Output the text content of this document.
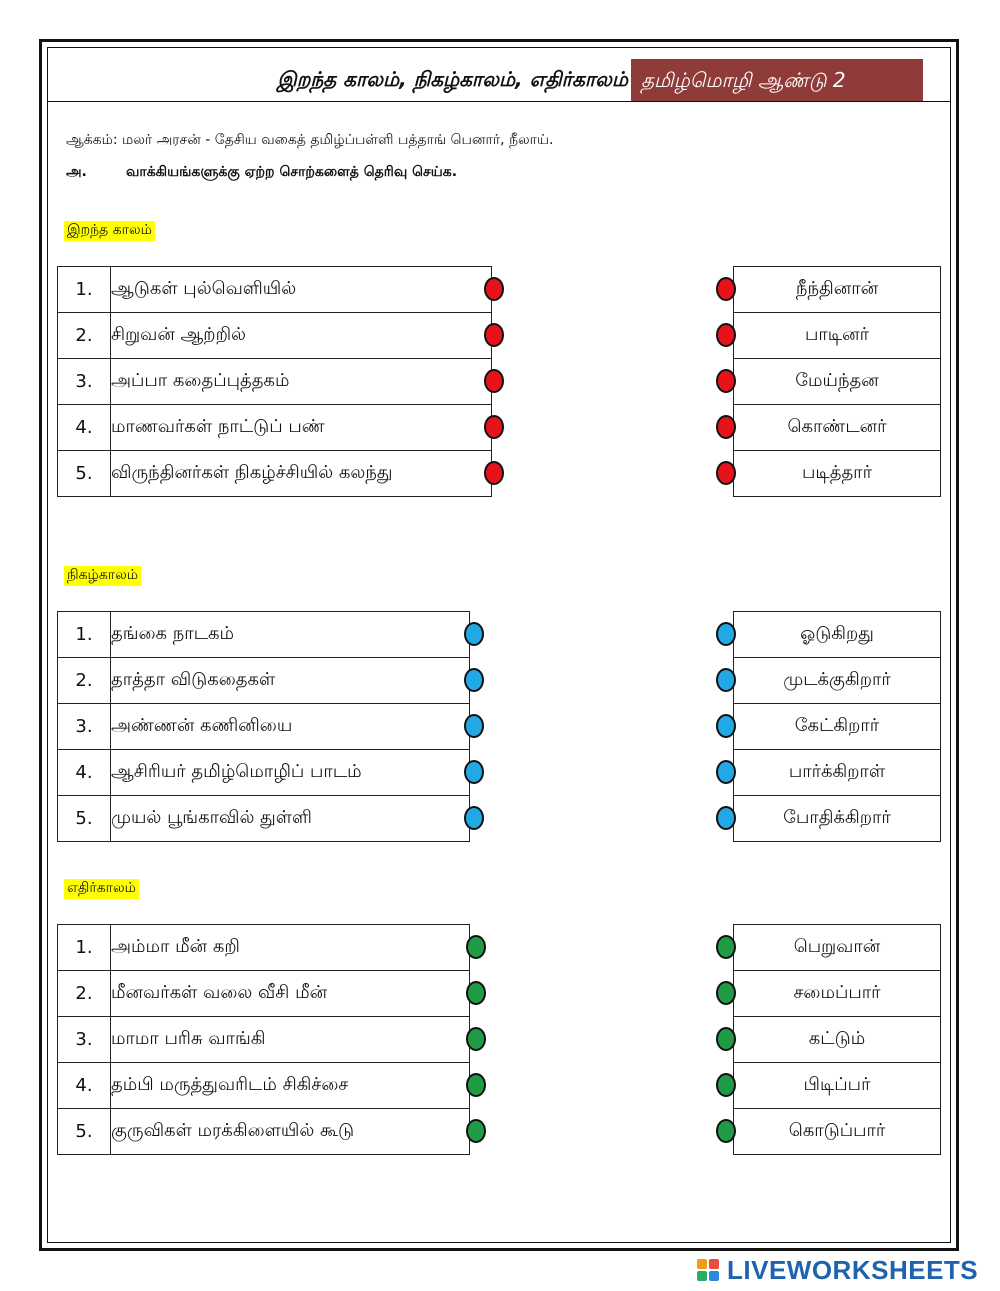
இறந்த காலம், நிகழ்காலம், எதிர்காலம் தமிழ்மொழி ஆண்டு 2
ஆக்கம்: மலர் அரசன் - தேசிய வகைத் தமிழ்ப்பள்ளி பத்தாங் பெனார், நீலாய்.
அ.	வாக்கியங்களுக்கு ஏற்ற சொற்களைத் தெரிவு செய்க.
இறந்த காலம்
1.	ஆடுகள் புல்வெளியில்
2.	சிறுவன் ஆற்றில்
3.	அப்பா கதைப்புத்தகம்
4.	மாணவர்கள் நாட்டுப் பண்
5.	விருந்தினர்கள் நிகழ்ச்சியில் கலந்து
நீந்தினான்
பாடினர்
மேய்ந்தன
கொண்டனர்
படித்தார்
நிகழ்காலம்
1.	தங்கை நாடகம்
2.	தாத்தா விடுகதைகள்
3.	அண்ணன் கணினியை
4.	ஆசிரியர் தமிழ்மொழிப் பாடம்
5.	முயல் பூங்காவில் துள்ளி
ஓடுகிறது
முடக்குகிறார்
கேட்கிறார்
பார்க்கிறாள்
போதிக்கிறார்
எதிர்காலம்
1.	அம்மா மீன் கறி
2.	மீனவர்கள் வலை வீசி மீன்
3.	மாமா பரிசு வாங்கி
4.	தம்பி மருத்துவரிடம் சிகிச்சை
5.	குருவிகள் மரக்கிளையில் கூடு
பெறுவான்
சமைப்பார்
கட்டும்
பிடிப்பர்
கொடுப்பார்
LIVEWORKSHEETS
